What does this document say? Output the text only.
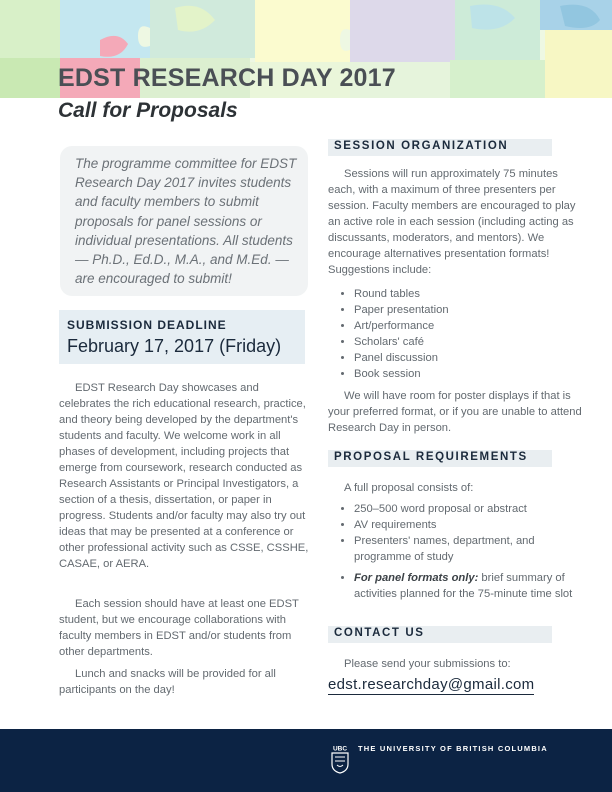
EDST RESEARCH DAY 2017
Call for Proposals
The programme committee for EDST Research Day 2017 invites students and faculty members to submit proposals for panel sessions or individual presentations. All students — Ph.D., Ed.D., M.A., and M.Ed. — are encouraged to submit!
SUBMISSION DEADLINE
February 17, 2017 (Friday)

EDST Research Day showcases and celebrates the rich educational research, practice, and theory being developed by the department's students and faculty. We welcome work in all phases of development, including projects that emerge from coursework, research conducted as Research Assistants or Principal Investigators, a section of a thesis, dissertation, or paper in progress. Students and/or faculty may also try out ideas that may be presented at a conference or other professional activity such as CSSE, CSSHE, CASAE, or AERA.

Each session should have at least one EDST student, but we encourage collaborations with faculty members in EDST and/or students from other departments.

Lunch and snacks will be provided for all participants on the day!

SESSION ORGANIZATION

Sessions will run approximately 75 minutes each, with a maximum of three presenters per session. Faculty members are encouraged to play an active role in each session (including acting as discussants, moderators, and mentors). We encourage alternatives presentation formats! Suggestions include:

• Round tables
• Paper presentation
• Art/performance
• Scholars' café
• Panel discussion
• Book session

We will have room for poster displays if that is your preferred format, or if you are unable to attend Research Day in person.

PROPOSAL REQUIREMENTS

A full proposal consists of:

• 250–500 word proposal or abstract
• AV requirements
• Presenters' names, department, and programme of study
• For panel formats only: brief summary of activities planned for the 75-minute time slot
CONTACT US

Please send your submissions to:

edst.researchday@gmail.com

UBC THE UNIVERSITY OF BRITISH COLUMBIA
